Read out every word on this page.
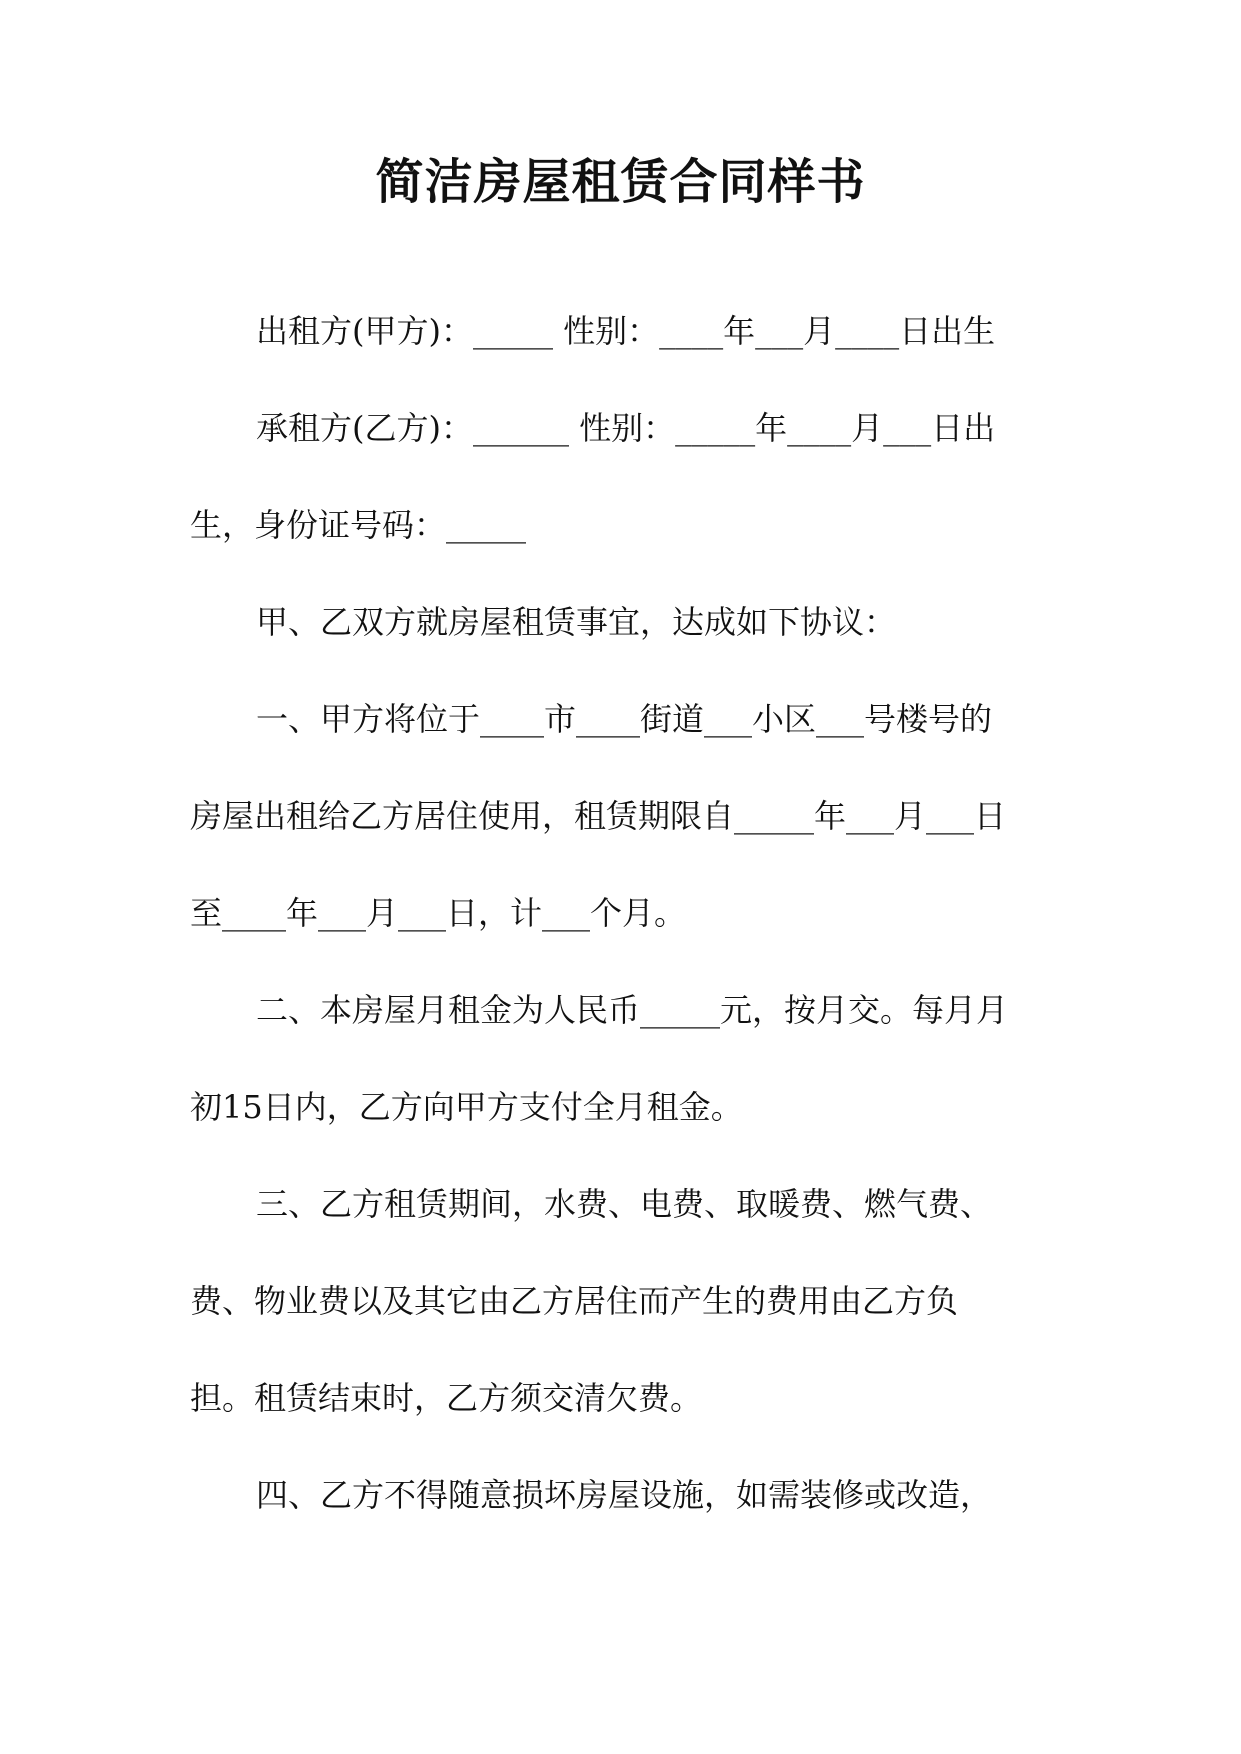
简洁房屋租赁合同样书

出租方(甲方)：_____ 性别：____年___月____日出生

承租方(乙方)：______ 性别：_____年____月___日出

生，身份证号码：_____

甲、乙双方就房屋租赁事宜，达成如下协议：

一、甲方将位于____市____街道___小区___号楼号的

房屋出租给乙方居住使用，租赁期限自_____年___月___日

至____年___月___日，计___个月。

二、本房屋月租金为人民币_____元，按月交。每月月

初15日内，乙方向甲方支付全月租金。

三、乙方租赁期间，水费、电费、取暖费、燃气费、

费、物业费以及其它由乙方居住而产生的费用由乙方负

担。租赁结束时，乙方须交清欠费。

四、乙方不得随意损坏房屋设施，如需装修或改造，
